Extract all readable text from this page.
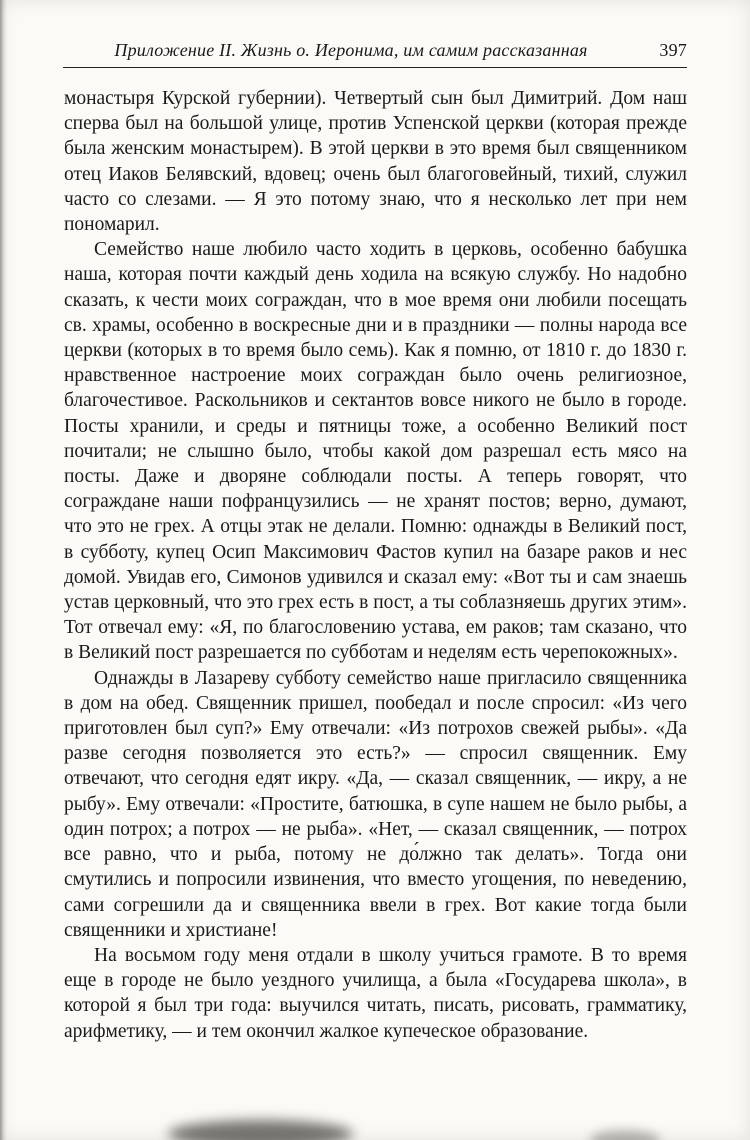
Приложение II. Жизнь о. Иеронима, им самим рассказанная	397

монастыря Курской губернии). Четвертый сын был Димитрий. Дом наш сперва был на большой улице, против Успенской церкви (которая прежде была женским монастырем). В этой церкви в это время был священником отец Иаков Белявский, вдовец; очень был благоговейный, тихий, служил часто со слезами. — Я это потому знаю, что я несколько лет при нем пономарил.

Семейство наше любило часто ходить в церковь, особенно бабушка наша, которая почти каждый день ходила на всякую службу. Но надобно сказать, к чести моих сограждан, что в мое время они любили посещать св. храмы, особенно в воскресные дни и в праздники — полны народа все церкви (которых в то время было семь). Как я помню, от 1810 г. до 1830 г. нравственное настроение моих сограждан было очень религиозное, благочестивое. Раскольников и сектантов вовсе никого не было в городе. Посты хранили, и среды и пятницы тоже, а особенно Великий пост почитали; не слышно было, чтобы какой дом разрешал есть мясо на посты. Даже и дворяне соблюдали посты. А теперь говорят, что сограждане наши пофранцузились — не хранят постов; верно, думают, что это не грех. А отцы этак не делали. Помню: однажды в Великий пост, в субботу, купец Осип Максимович Фастов купил на базаре раков и нес домой. Увидав его, Симонов удивился и сказал ему: «Вот ты и сам знаешь устав церковный, что это грех есть в пост, а ты соблазняешь других этим». Тот отвечал ему: «Я, по благословению устава, ем раков; там сказано, что в Великий пост разрешается по субботам и неделям есть черепокожных».

Однажды в Лазареву субботу семейство наше пригласило священника в дом на обед. Священник пришел, пообедал и после спросил: «Из чего приготовлен был суп?» Ему отвечали: «Из потрохов свежей рыбы». «Да разве сегодня позволяется это есть?» — спросил священник. Ему отвечают, что сегодня едят икру. «Да, — сказал священник, — икру, а не рыбу». Ему отвечали: «Простите, батюшка, в супе нашем не было рыбы, а один потрох; а потрох — не рыба». «Нет, — сказал священник, — потрох все равно, что и рыба, потому не до́лжно так делать». Тогда они смутились и попросили извинения, что вместо угощения, по неведению, сами согрешили да и священника ввели в грех. Вот какие тогда были священники и христиане!

На восьмом году меня отдали в школу учиться грамоте. В то время еще в городе не было уездного училища, а была «Государева школа», в которой я был три года: выучился читать, писать, рисовать, грамматику, арифметику, — и тем окончил жалкое купеческое образование.
